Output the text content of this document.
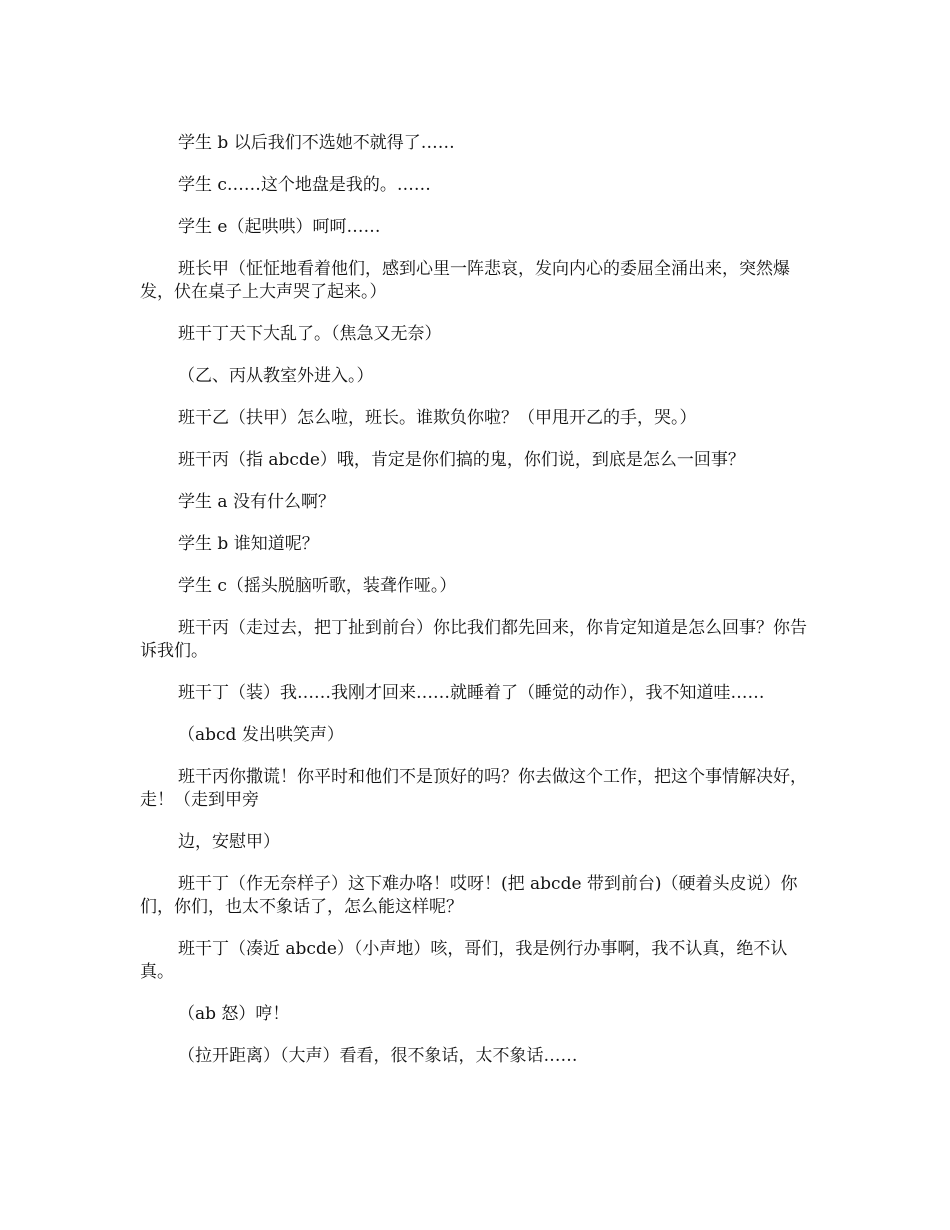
学生 b 以后我们不选她不就得了……

学生 c……这个地盘是我的。……

学生 e（起哄哄）呵呵……

班长甲（怔怔地看着他们，感到心里一阵悲哀，发向内心的委屈全涌出来，突然爆发，伏在桌子上大声哭了起来。）

班干丁天下大乱了。（焦急又无奈）

（乙、丙从教室外进入。）

班干乙（扶甲）怎么啦，班长。谁欺负你啦？（甲甩开乙的手，哭。）

班干丙（指 abcde）哦，肯定是你们搞的鬼，你们说，到底是怎么一回事？

学生 a 没有什么啊？

学生 b 谁知道呢？

学生 c（摇头脱脑听歌，装聋作哑。）

班干丙（走过去，把丁扯到前台）你比我们都先回来，你肯定知道是怎么回事？你告诉我们。

班干丁（装）我……我刚才回来……就睡着了（睡觉的动作），我不知道哇……

（abcd 发出哄笑声）

班干丙你撒谎！你平时和他们不是顶好的吗？你去做这个工作，把这个事情解决好，走！（走到甲旁

边，安慰甲）

班干丁（作无奈样子）这下难办咯！哎呀！(把 abcde 带到前台)（硬着头皮说）你们，你们，也太不象话了，怎么能这样呢？

班干丁（凑近 abcde）（小声地）咳，哥们，我是例行办事啊，我不认真，绝不认真。

（ab 怒）哼！

（拉开距离）（大声）看看，很不象话，太不象话……
